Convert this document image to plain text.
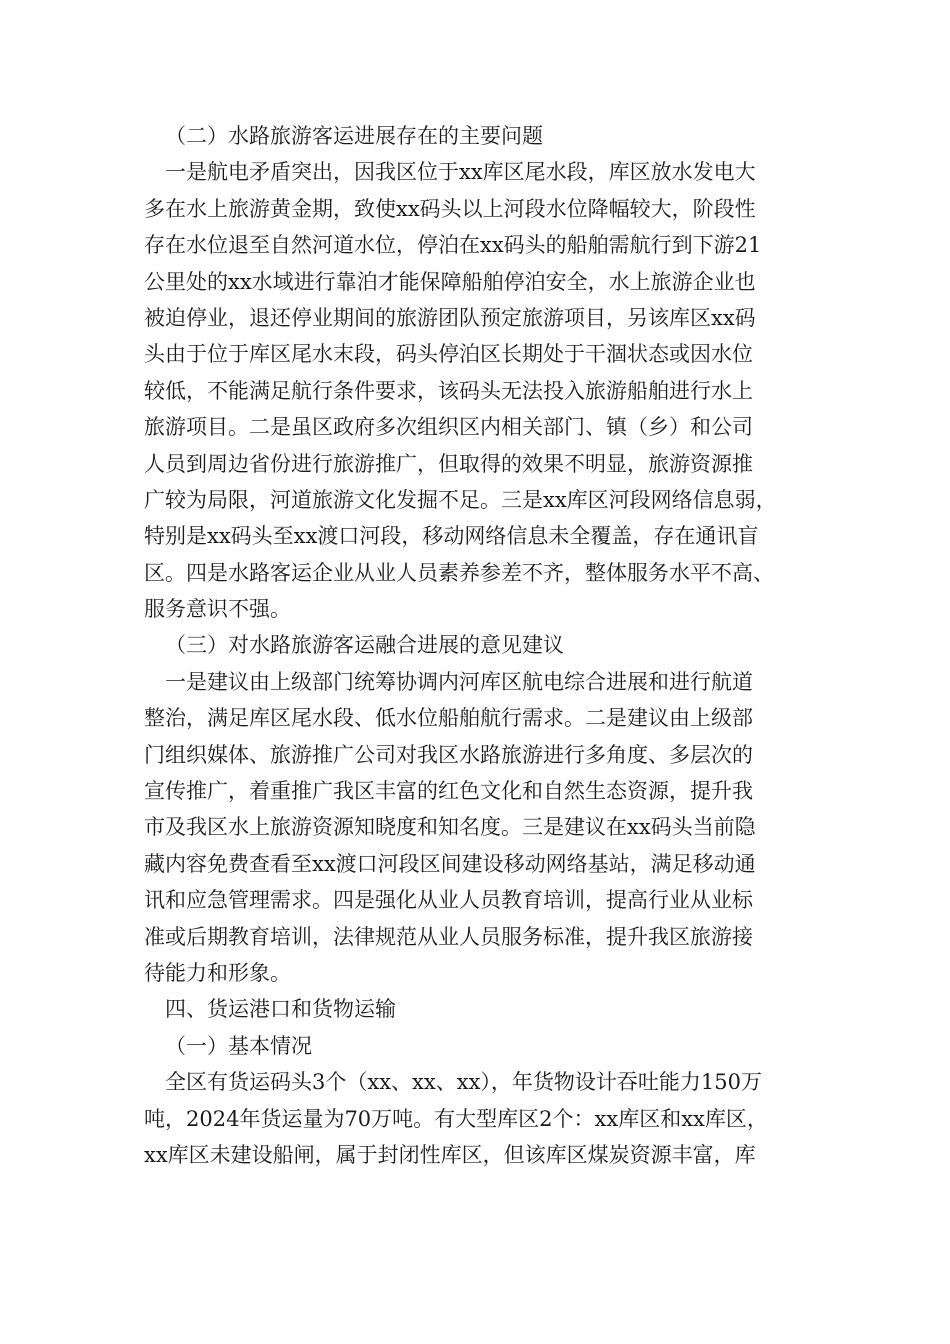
（二）水路旅游客运进展存在的主要问题
一是航电矛盾突出，因我区位于xx库区尾水段，库区放水发电大
多在水上旅游黄金期，致使xx码头以上河段水位降幅较大，阶段性
存在水位退至自然河道水位，停泊在xx码头的船舶需航行到下游21
公里处的xx水域进行靠泊才能保障船舶停泊安全，水上旅游企业也
被迫停业，退还停业期间的旅游团队预定旅游项目，另该库区xx码
头由于位于库区尾水末段，码头停泊区长期处于干涸状态或因水位
较低，不能满足航行条件要求，该码头无法投入旅游船舶进行水上
旅游项目。二是虽区政府多次组织区内相关部门、镇（乡）和公司
人员到周边省份进行旅游推广，但取得的效果不明显，旅游资源推
广较为局限，河道旅游文化发掘不足。三是xx库区河段网络信息弱，
特别是xx码头至xx渡口河段，移动网络信息未全覆盖，存在通讯盲
区。四是水路客运企业从业人员素养参差不齐，整体服务水平不高、
服务意识不强。
（三）对水路旅游客运融合进展的意见建议
一是建议由上级部门统筹协调内河库区航电综合进展和进行航道
整治，满足库区尾水段、低水位船舶航行需求。二是建议由上级部
门组织媒体、旅游推广公司对我区水路旅游进行多角度、多层次的
宣传推广，着重推广我区丰富的红色文化和自然生态资源，提升我
市及我区水上旅游资源知晓度和知名度。三是建议在xx码头当前隐
藏内容免费查看至xx渡口河段区间建设移动网络基站，满足移动通
讯和应急管理需求。四是强化从业人员教育培训，提高行业从业标
准或后期教育培训，法律规范从业人员服务标准，提升我区旅游接
待能力和形象。
四、货运港口和货物运输
（一）基本情况
全区有货运码头3个（xx、xx、xx），年货物设计吞吐能力150万
吨，2024年货运量为70万吨。有大型库区2个：xx库区和xx库区，
xx库区未建设船闸，属于封闭性库区，但该库区煤炭资源丰富，库
